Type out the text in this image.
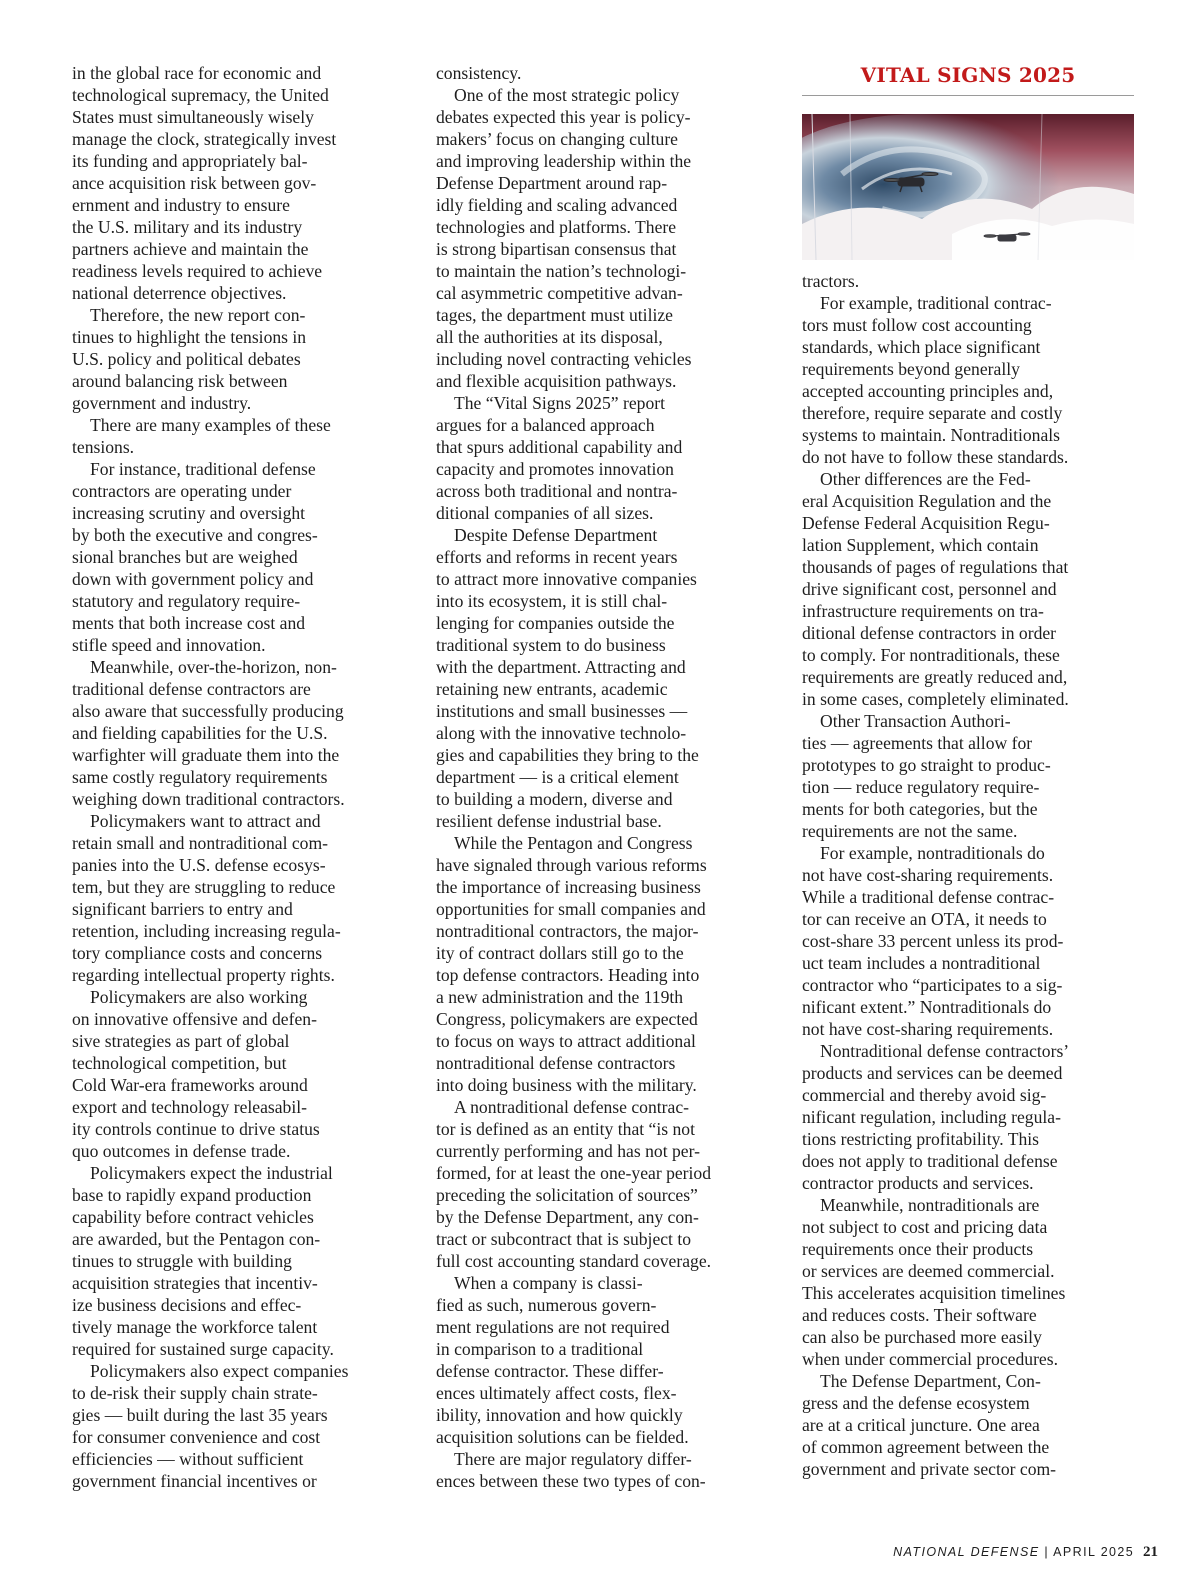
in the global race for economic and
technological supremacy, the United
States must simultaneously wisely
manage the clock, strategically invest
its funding and appropriately bal-
ance acquisition risk between gov-
ernment and industry to ensure
the U.S. military and its industry
partners achieve and maintain the
readiness levels required to achieve
national deterrence objectives.

Therefore, the new report con-
tinues to highlight the tensions in
U.S. policy and political debates
around balancing risk between
government and industry.

There are many examples of these
tensions.

For instance, traditional defense
contractors are operating under
increasing scrutiny and oversight
by both the executive and congres-
sional branches but are weighed
down with government policy and
statutory and regulatory require-
ments that both increase cost and
stifle speed and innovation.

Meanwhile, over-the-horizon, non-
traditional defense contractors are
also aware that successfully producing
and fielding capabilities for the U.S.
warfighter will graduate them into the
same costly regulatory requirements
weighing down traditional contractors.

Policymakers want to attract and
retain small and nontraditional com-
panies into the U.S. defense ecosys-
tem, but they are struggling to reduce
significant barriers to entry and
retention, including increasing regula-
tory compliance costs and concerns
regarding intellectual property rights.

Policymakers are also working
on innovative offensive and defen-
sive strategies as part of global
technological competition, but
Cold War-era frameworks around
export and technology releasabil-
ity controls continue to drive status
quo outcomes in defense trade.

Policymakers expect the industrial
base to rapidly expand production
capability before contract vehicles
are awarded, but the Pentagon con-
tinues to struggle with building
acquisition strategies that incentiv-
ize business decisions and effec-
tively manage the workforce talent
required for sustained surge capacity.

Policymakers also expect companies
to de-risk their supply chain strate-
gies — built during the last 35 years
for consumer convenience and cost
efficiencies — without sufficient
government financial incentives or

consistency.

One of the most strategic policy
debates expected this year is policy-
makers’ focus on changing culture
and improving leadership within the
Defense Department around rap-
idly fielding and scaling advanced
technologies and platforms. There
is strong bipartisan consensus that
to maintain the nation’s technologi-
cal asymmetric competitive advan-
tages, the department must utilize
all the authorities at its disposal,
including novel contracting vehicles
and flexible acquisition pathways.

The “Vital Signs 2025” report
argues for a balanced approach
that spurs additional capability and
capacity and promotes innovation
across both traditional and nontra-
ditional companies of all sizes.

Despite Defense Department
efforts and reforms in recent years
to attract more innovative companies
into its ecosystem, it is still chal-
lenging for companies outside the
traditional system to do business
with the department. Attracting and
retaining new entrants, academic
institutions and small businesses —
along with the innovative technolo-
gies and capabilities they bring to the
department — is a critical element
to building a modern, diverse and
resilient defense industrial base.

While the Pentagon and Congress
have signaled through various reforms
the importance of increasing business
opportunities for small companies and
nontraditional contractors, the major-
ity of contract dollars still go to the
top defense contractors. Heading into
a new administration and the 119th
Congress, policymakers are expected
to focus on ways to attract additional
nontraditional defense contractors
into doing business with the military.

A nontraditional defense contrac-
tor is defined as an entity that “is not
currently performing and has not per-
formed, for at least the one-year period
preceding the solicitation of sources”
by the Defense Department, any con-
tract or subcontract that is subject to
full cost accounting standard coverage.

When a company is classi-
fied as such, numerous govern-
ment regulations are not required
in comparison to a traditional
defense contractor. These differ-
ences ultimately affect costs, flex-
ibility, innovation and how quickly
acquisition solutions can be fielded.

There are major regulatory differ-
ences between these two types of con-

VITAL SIGNS 2025

tractors.

For example, traditional contrac-
tors must follow cost accounting
standards, which place significant
requirements beyond generally
accepted accounting principles and,
therefore, require separate and costly
systems to maintain. Nontraditionals
do not have to follow these standards.

Other differences are the Fed-
eral Acquisition Regulation and the
Defense Federal Acquisition Regu-
lation Supplement, which contain
thousands of pages of regulations that
drive significant cost, personnel and
infrastructure requirements on tra-
ditional defense contractors in order
to comply. For nontraditionals, these
requirements are greatly reduced and,
in some cases, completely eliminated.

Other Transaction Authori-
ties — agreements that allow for
prototypes to go straight to produc-
tion — reduce regulatory require-
ments for both categories, but the
requirements are not the same.

For example, nontraditionals do
not have cost-sharing requirements.
While a traditional defense contrac-
tor can receive an OTA, it needs to
cost-share 33 percent unless its prod-
uct team includes a nontraditional
contractor who “participates to a sig-
nificant extent.” Nontraditionals do
not have cost-sharing requirements.

Nontraditional defense contractors’
products and services can be deemed
commercial and thereby avoid sig-
nificant regulation, including regula-
tions restricting profitability. This
does not apply to traditional defense
contractor products and services.

Meanwhile, nontraditionals are
not subject to cost and pricing data
requirements once their products
or services are deemed commercial.
This accelerates acquisition timelines
and reduces costs. Their software
can also be purchased more easily
when under commercial procedures.

The Defense Department, Con-
gress and the defense ecosystem
are at a critical juncture. One area
of common agreement between the
government and private sector com-

NATIONAL DEFENSE | APRIL 2025 21
